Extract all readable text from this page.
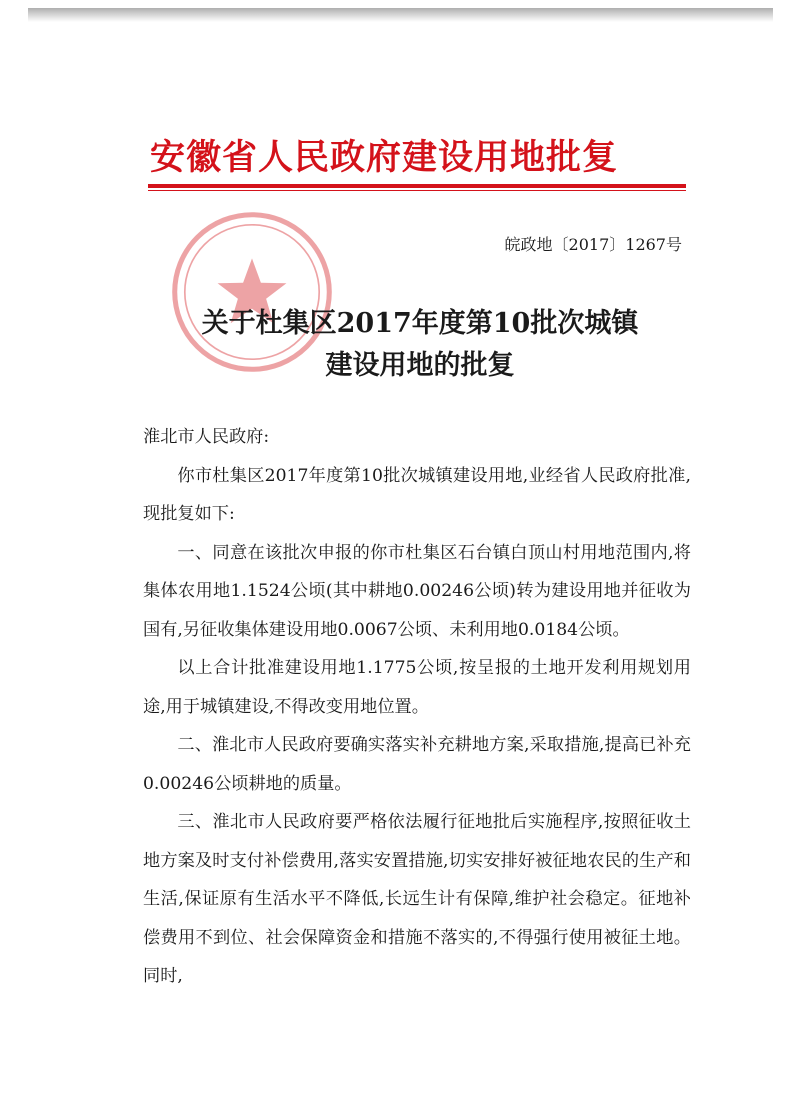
安徽省人民政府建设用地批复
皖政地〔2017〕1267号
关于杜集区2017年度第10批次城镇
建设用地的批复

淮北市人民政府:

你市杜集区2017年度第10批次城镇建设用地,业经省人民政府批准,现批复如下:

一、同意在该批次申报的你市杜集区石台镇白顶山村用地范围内,将集体农用地1.1524公顷(其中耕地0.00246公顷)转为建设用地并征收为国有,另征收集体建设用地0.0067公顷、未利用地0.0184公顷。

以上合计批准建设用地1.1775公顷,按呈报的土地开发利用规划用途,用于城镇建设,不得改变用地位置。

二、淮北市人民政府要确实落实补充耕地方案,采取措施,提高已补充0.00246公顷耕地的质量。

三、淮北市人民政府要严格依法履行征地批后实施程序,按照征收土地方案及时支付补偿费用,落实安置措施,切实安排好被征地农民的生产和生活,保证原有生活水平不降低,长远生计有保障,维护社会稳定。征地补偿费用不到位、社会保障资金和措施不落实的,不得强行使用被征土地。同时,
